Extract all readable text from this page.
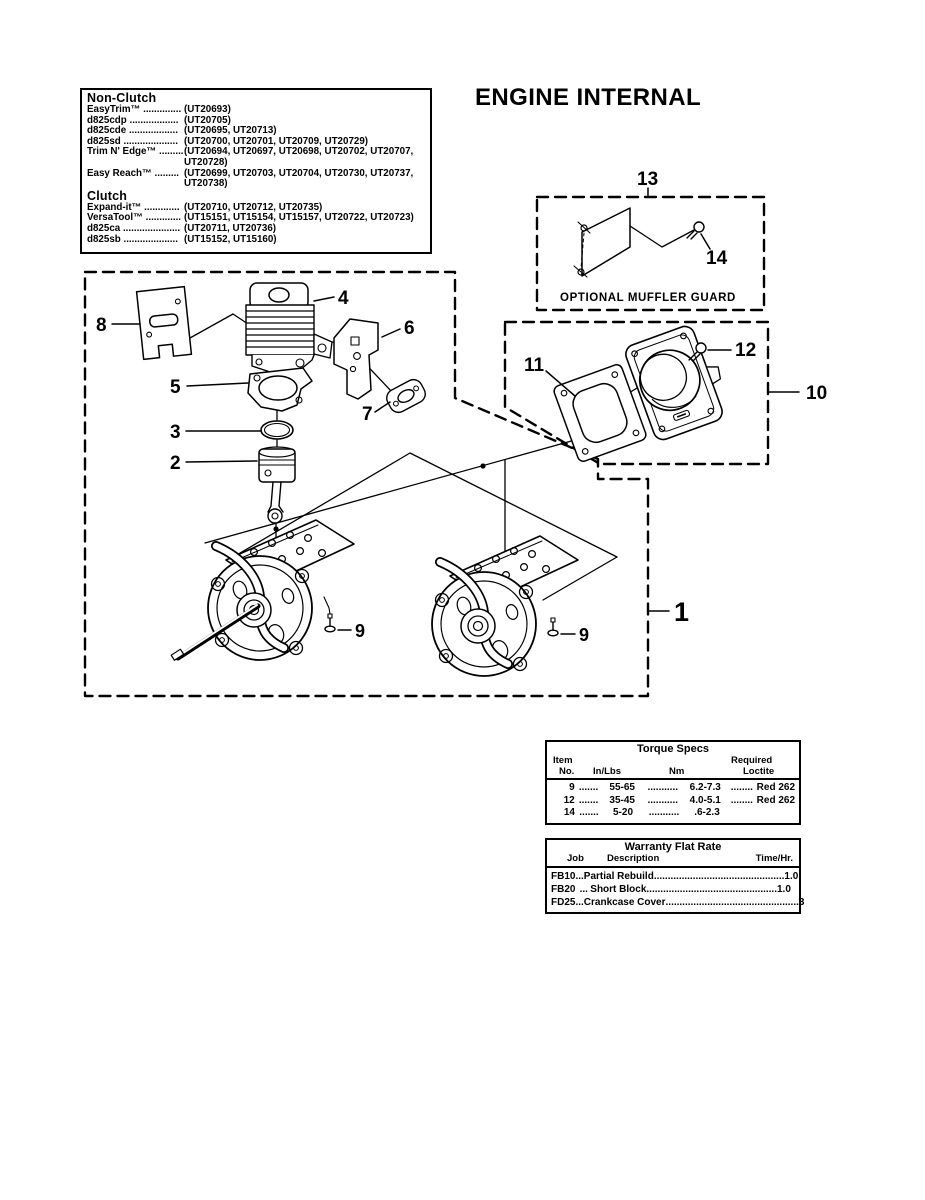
Non-Clutch
EasyTrim™ .............. (UT20693)
d825cdp .................. (UT20705)
d825cde .................. (UT20695, UT20713)
d825sd .................... (UT20700, UT20701, UT20709, UT20729)
Trim N' Edge™ ......... (UT20694, UT20697, UT20698, UT20702, UT20707,
UT20728)
Easy Reach™ ......... (UT20699, UT20703, UT20704, UT20730, UT20737,
UT20738)
Clutch
Expand-it™ ............. (UT20710, UT20712, UT20735)
VersaTool™ ............. (UT15151, UT15154, UT15157, UT20722, UT20723)
d825ca ..................... (UT20711, UT20736)
d825sb .................... (UT15152, UT15160)
ENGINE INTERNAL
8
4
6
5
7
3
2
9	9
1
13
14
11
12
10
OPTIONAL MUFFLER GUARD
Torque Specs
Item	Required
No.	In/Lbs	Nm	Loctite
9 .......	55-65	...........	6.2-7.3 ........ Red 262
12 .......	35-45	...........	4.0-5.1 ........ Red 262
14 .......	5-20	...........	.6-2.3
Warranty Flat Rate
Job	Description	Time/Hr.
FB10 ... Partial Rebuild ............................................... 1.0
FB20 ... Short Block ............................................... 1.0
FD25 ... Crankcase Cover ............................................... .3
